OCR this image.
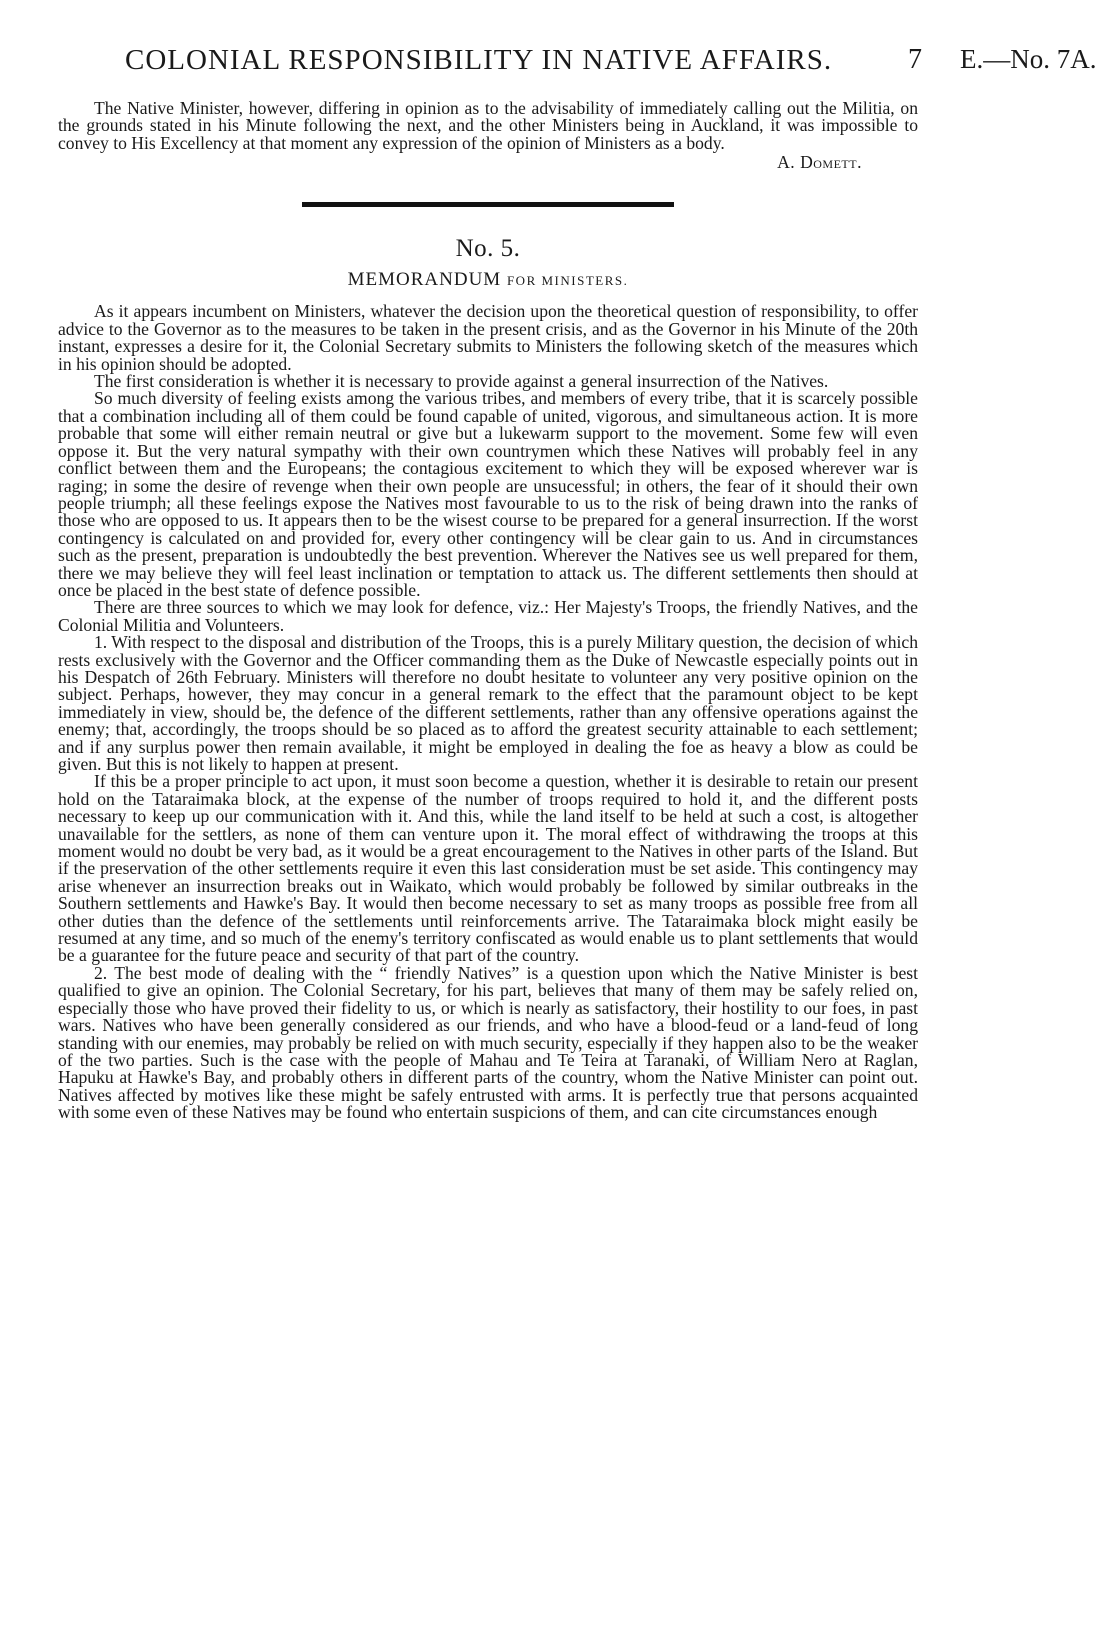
COLONIAL RESPONSIBILITY IN NATIVE AFFAIRS.	7 E.—No. 7A.

The Native Minister, however, differing in opinion as to the advisability of immediately calling out the Militia, on the grounds stated in his Minute following the next, and the other Ministers being in Auckland, it was impossible to convey to His Excellency at that moment any expression of the opinion of Ministers as a body.

A. Domett.
No. 5.
MEMORANDUM FOR MINISTERS.

As it appears incumbent on Ministers, whatever the decision upon the theoretical question of responsibility, to offer advice to the Governor as to the measures to be taken in the present crisis, and as the Governor in his Minute of the 20th instant, expresses a desire for it, the Colonial Secretary submits to Ministers the following sketch of the measures which in his opinion should be adopted.

The first consideration is whether it is necessary to provide against a general insurrection of the Natives.

So much diversity of feeling exists among the various tribes, and members of every tribe, that it is scarcely possible that a combination including all of them could be found capable of united, vigorous, and simultaneous action. It is more probable that some will either remain neutral or give but a lukewarm support to the movement. Some few will even oppose it. But the very natural sympathy with their own countrymen which these Natives will probably feel in any conflict between them and the Europeans; the contagious excitement to which they will be exposed wherever war is raging; in some the desire of revenge when their own people are unsucessful; in others, the fear of it should their own people triumph; all these feelings expose the Natives most favourable to us to the risk of being drawn into the ranks of those who are opposed to us. It appears then to be the wisest course to be prepared for a general insurrection. If the worst contingency is calculated on and provided for, every other contingency will be clear gain to us. And in circumstances such as the present, preparation is undoubtedly the best prevention. Wherever the Natives see us well prepared for them, there we may believe they will feel least inclination or temptation to attack us. The different settlements then should at once be placed in the best state of defence possible.

There are three sources to which we may look for defence, viz.: Her Majesty's Troops, the friendly Natives, and the Colonial Militia and Volunteers.

1. With respect to the disposal and distribution of the Troops, this is a purely Military question, the decision of which rests exclusively with the Governor and the Officer commanding them as the Duke of Newcastle especially points out in his Despatch of 26th February. Ministers will therefore no doubt hesitate to volunteer any very positive opinion on the subject. Perhaps, however, they may concur in a general remark to the effect that the paramount object to be kept immediately in view, should be, the defence of the different settlements, rather than any offensive operations against the enemy; that, accordingly, the troops should be so placed as to afford the greatest security attainable to each settlement; and if any surplus power then remain available, it might be employed in dealing the foe as heavy a blow as could be given. But this is not likely to happen at present.

If this be a proper principle to act upon, it must soon become a question, whether it is desirable to retain our present hold on the Tataraimaka block, at the expense of the number of troops required to hold it, and the different posts necessary to keep up our communication with it. And this, while the land itself to be held at such a cost, is altogether unavailable for the settlers, as none of them can venture upon it. The moral effect of withdrawing the troops at this moment would no doubt be very bad, as it would be a great encouragement to the Natives in other parts of the Island. But if the preservation of the other settlements require it even this last consideration must be set aside. This contingency may arise whenever an insurrection breaks out in Waikato, which would probably be followed by similar outbreaks in the Southern settlements and Hawke's Bay. It would then become necessary to set as many troops as possible free from all other duties than the defence of the settlements until reinforcements arrive. The Tataraimaka block might easily be resumed at any time, and so much of the enemy's territory confiscated as would enable us to plant settlements that would be a guarantee for the future peace and security of that part of the country.

2. The best mode of dealing with the “ friendly Natives” is a question upon which the Native Minister is best qualified to give an opinion. The Colonial Secretary, for his part, believes that many of them may be safely relied on, especially those who have proved their fidelity to us, or which is nearly as satisfactory, their hostility to our foes, in past wars. Natives who have been generally considered as our friends, and who have a blood-feud or a land-feud of long standing with our enemies, may probably be relied on with much security, especially if they happen also to be the weaker of the two parties. Such is the case with the people of Mahau and Te Teira at Taranaki, of William Nero at Raglan, Hapuku at Hawke's Bay, and probably others in different parts of the country, whom the Native Minister can point out. Natives affected by motives like these might be safely entrusted with arms. It is perfectly true that persons acquainted with some even of these Natives may be found who entertain suspicions of them, and can cite circumstances enough
